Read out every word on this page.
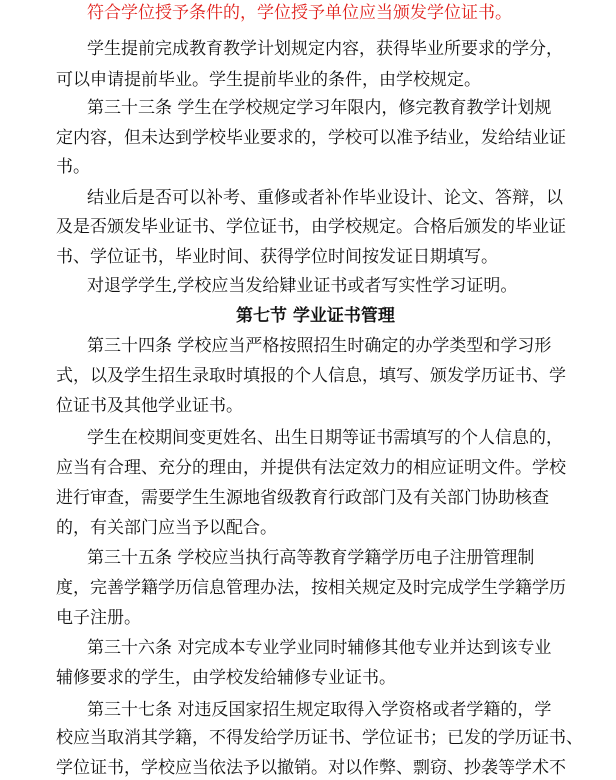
符合学位授予条件的，学位授予单位应当颁发学位证书。
学生提前完成教育教学计划规定内容，获得毕业所要求的学分，
可以申请提前毕业。学生提前毕业的条件，由学校规定。
第三十三条 学生在学校规定学习年限内，修完教育教学计划规
定内容，但未达到学校毕业要求的，学校可以准予结业，发给结业证
书。
结业后是否可以补考、重修或者补作毕业设计、论文、答辩，以
及是否颁发毕业证书、学位证书，由学校规定。合格后颁发的毕业证
书、学位证书，毕业时间、获得学位时间按发证日期填写。
对退学学生,学校应当发给肄业证书或者写实性学习证明。
第七节 学业证书管理
第三十四条 学校应当严格按照招生时确定的办学类型和学习形
式，以及学生招生录取时填报的个人信息，填写、颁发学历证书、学
位证书及其他学业证书。
学生在校期间变更姓名、出生日期等证书需填写的个人信息的，
应当有合理、充分的理由，并提供有法定效力的相应证明文件。学校
进行审查，需要学生生源地省级教育行政部门及有关部门协助核查
的，有关部门应当予以配合。
第三十五条 学校应当执行高等教育学籍学历电子注册管理制
度，完善学籍学历信息管理办法，按相关规定及时完成学生学籍学历
电子注册。
第三十六条 对完成本专业学业同时辅修其他专业并达到该专业
辅修要求的学生，由学校发给辅修专业证书。
第三十七条 对违反国家招生规定取得入学资格或者学籍的，学
校应当取消其学籍，不得发给学历证书、学位证书；已发的学历证书、
学位证书，学校应当依法予以撤销。对以作弊、剽窃、抄袭等学术不
